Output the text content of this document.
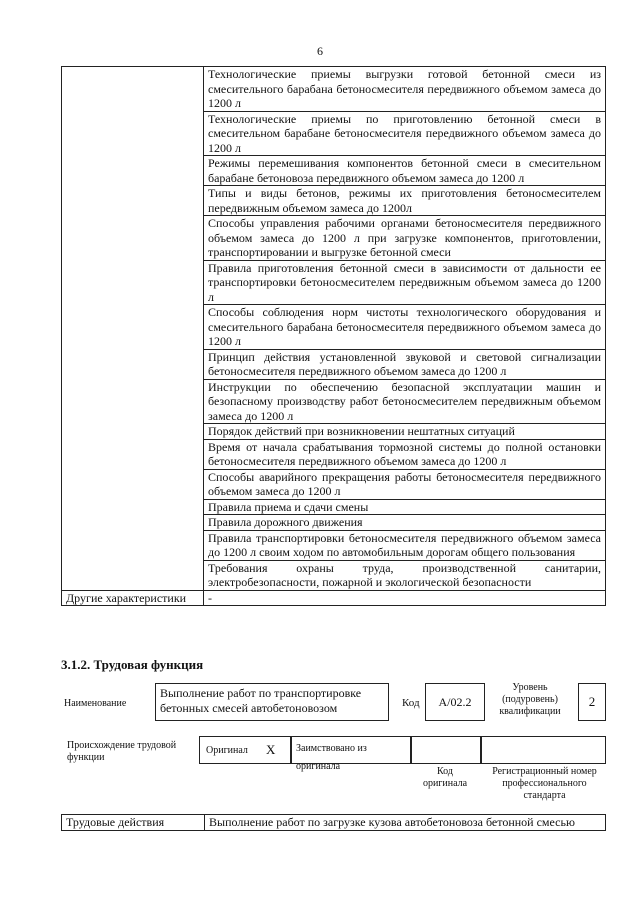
6
	Технологические приемы выгрузки готовой бетонной смеси из смесительного барабана бетоносмесителя передвижного объемом замеса до 1200 л
	Технологические приемы по приготовлению бетонной смеси в смесительном барабане бетоносмесителя передвижного объемом замеса до 1200 л
	Режимы перемешивания компонентов бетонной смеси в смесительном барабане бетоновоза передвижного объемом замеса до 1200 л
	Типы и виды бетонов, режимы их приготовления бетоносмесителем передвижным объемом замеса до 1200л
	Способы управления рабочими органами бетоносмесителя передвижного объемом замеса до 1200 л при загрузке компонентов, приготовлении, транспортировании и выгрузке бетонной смеси
	Правила приготовления бетонной смеси в зависимости от дальности ее транспортировки бетоносмесителем передвижным объемом замеса до 1200 л
	Способы соблюдения норм чистоты технологического оборудования и смесительного барабана бетоносмесителя передвижного объемом замеса до 1200 л
	Принцип действия установленной звуковой и световой сигнализации бетоносмесителя передвижного объемом замеса до 1200 л
	Инструкции по обеспечению безопасной эксплуатации машин и безопасному производству работ бетоносмесителем передвижным объемом замеса до 1200 л
	Порядок действий при возникновении нештатных ситуаций
	Время от начала срабатывания тормозной системы до полной остановки бетоносмесителя передвижного объемом замеса до 1200 л
	Способы аварийного прекращения работы бетоносмесителя передвижного объемом замеса до 1200 л
	Правила приема и сдачи смены
	Правила дорожного движения
	Правила транспортировки бетоносмесителя передвижного объемом замеса до 1200 л своим ходом по автомобильным дорогам общего пользования
	Требования охраны труда, производственной санитарии, электробезопасности, пожарной и экологической безопасности
Другие характеристики	-
3.1.2. Трудовая функция
Наименование
Выполнение работ по транспортировке бетонных смесей автобетоновозом	Код	А/02.2
Уровень (подуровень) квалификации
2
Происхождение трудовой функции
Оригинал Х	Заимствовано из оригинала	Код оригинала
Регистрационный номер профессионального стандарта
Трудовые действия	Выполнение работ по загрузке кузова автобетоновоза бетонной смесью
